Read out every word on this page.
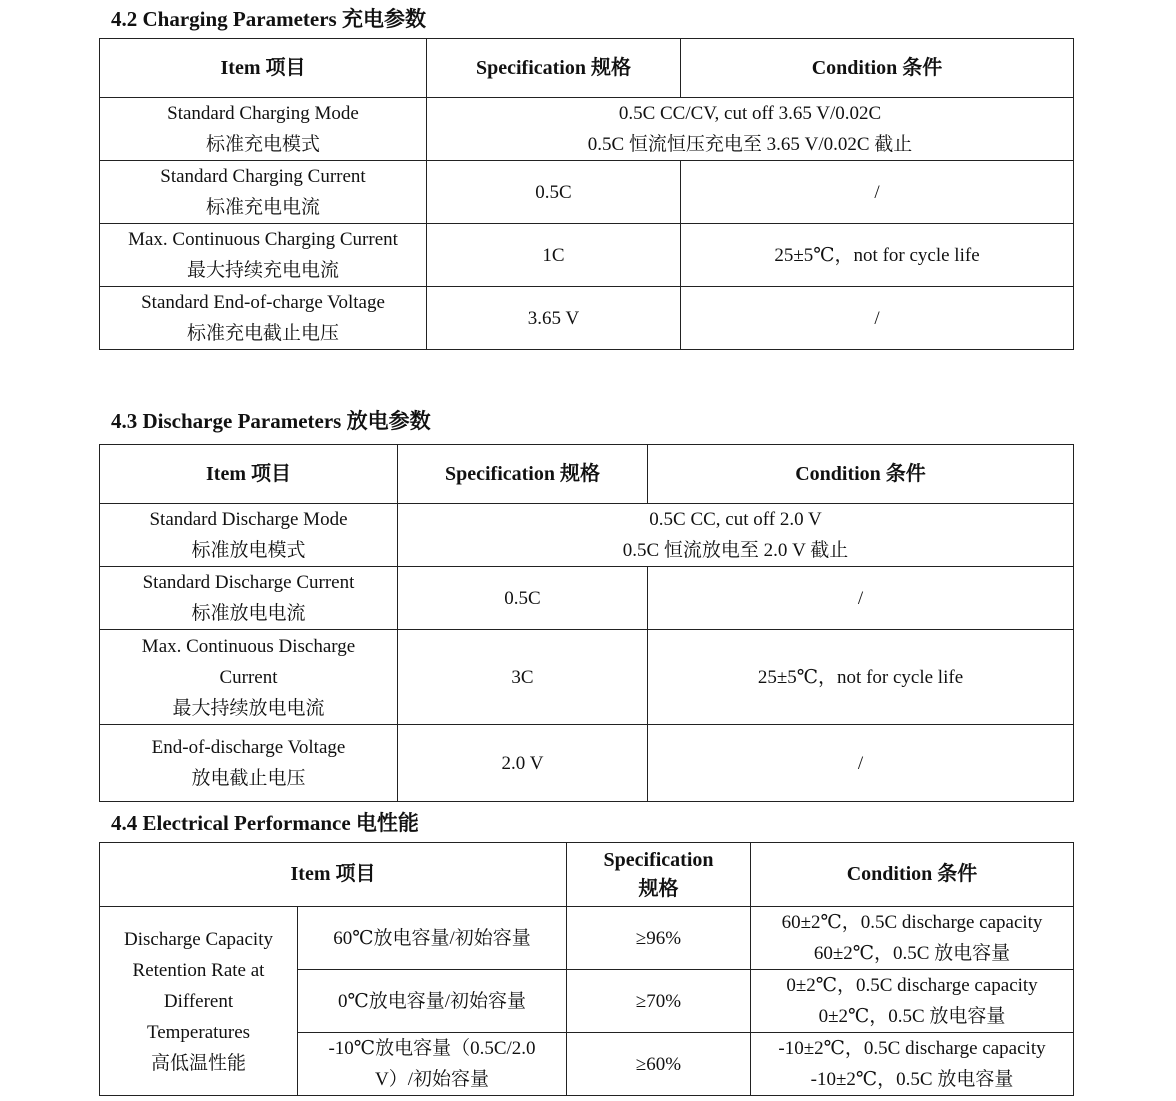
4.2 Charging Parameters 充电参数
Item 项目	Specification 规格	Condition 条件

Standard Charging Mode
标准充电模式	0.5C CC/CV, cut off 3.65 V/0.02C
0.5C 恒流恒压充电至 3.65 V/0.02C 截止	

Standard Charging Current
标准充电电流	0.5C	/

Max. Continuous Charging Current
最大持续充电电流	1C	25±5℃，not for cycle life

Standard End-of-charge Voltage
标准充电截止电压	3.65 V	/
4.3 Discharge Parameters 放电参数
Item 项目	Specification 规格	Condition 条件

Standard Discharge Mode
标准放电模式	0.5C CC, cut off 2.0 V
0.5C 恒流放电至 2.0 V 截止	

Standard Discharge Current
标准放电电流	0.5C	/

Max. Continuous Discharge
Current
最大持续放电电流	3C	25±5℃，not for cycle life

End-of-discharge Voltage
放电截止电压	2.0 V	/
4.4 Electrical Performance 电性能
Item 项目		Specification
规格	Condition 条件

Discharge Capacity
Retention Rate at
Different
Temperatures
高低温性能	60℃放电容量/初始容量	≥96%	60±2℃，0.5C discharge capacity
60±2℃，0.5C 放电容量

	0℃放电容量/初始容量	≥70%	0±2℃，0.5C discharge capacity
0±2℃，0.5C 放电容量

	-10℃放电容量（0.5C/2.0
V）/初始容量	≥60%	-10±2℃，0.5C discharge capacity
-10±2℃，0.5C 放电容量
